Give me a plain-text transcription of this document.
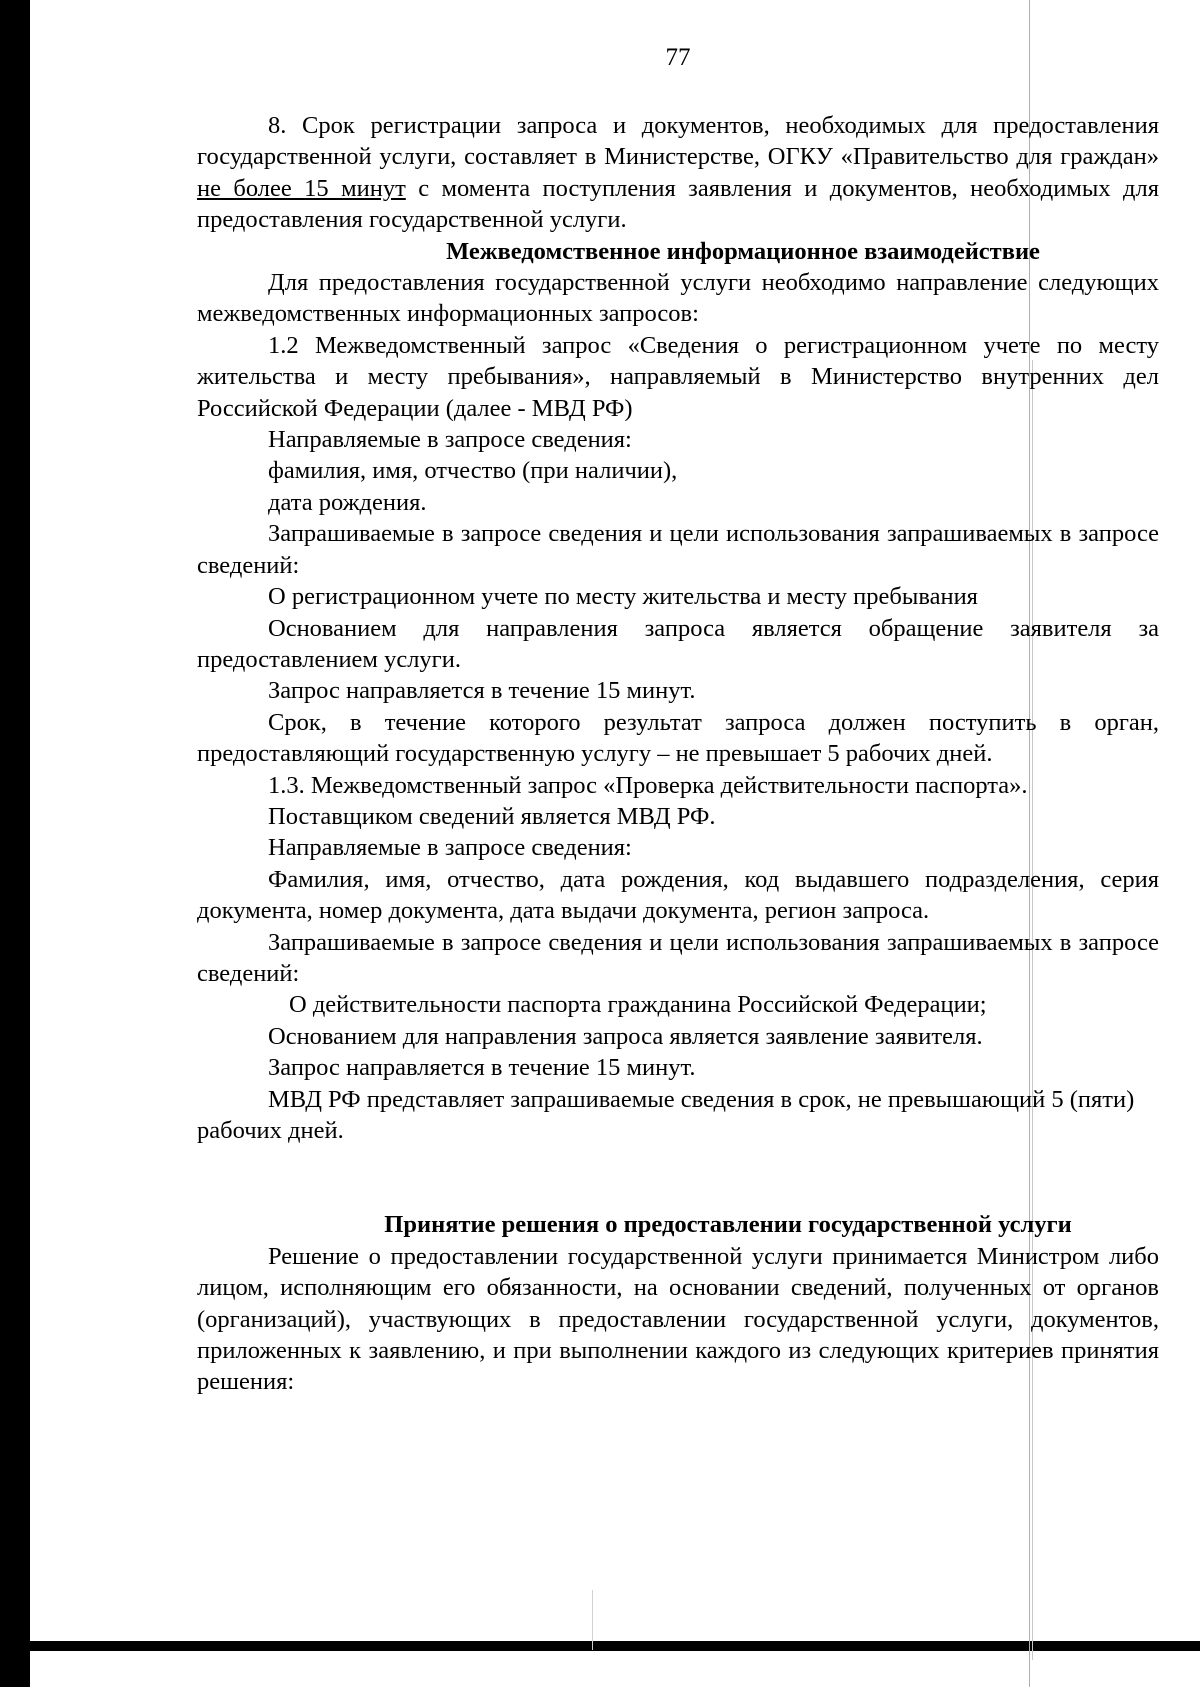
77

8. Срок регистрации запроса и документов, необходимых для предоставления государственной услуги, составляет в Министерстве, ОГКУ «Правительство для граждан» не более 15 минут с момента поступления заявления и документов, необходимых для предоставления государственной услуги.

Межведомственное информационное взаимодействие

Для предоставления государственной услуги необходимо направление следующих межведомственных информационных запросов:

1.2 Межведомственный запрос «Сведения о регистрационном учете по месту жительства и месту пребывания», направляемый в Министерство внутренних дел Российской Федерации (далее - МВД РФ)

Направляемые в запросе сведения:

фамилия, имя, отчество (при наличии),

дата рождения.

Запрашиваемые в запросе сведения и цели использования запрашиваемых в запросе сведений:

О регистрационном учете по месту жительства и месту пребывания

Основанием для направления запроса является обращение заявителя за предоставлением услуги.

Запрос направляется в течение 15 минут.

Срок, в течение которого результат запроса должен поступить в орган, предоставляющий государственную услугу – не превышает 5 рабочих дней.

1.3. Межведомственный запрос «Проверка действительности паспорта».

Поставщиком сведений является МВД РФ.

Направляемые в запросе сведения:

Фамилия, имя, отчество, дата рождения, код выдавшего подразделения, серия документа, номер документа, дата выдачи документа, регион запроса.

Запрашиваемые в запросе сведения и цели использования запрашиваемых в запросе сведений:

О действительности паспорта гражданина Российской Федерации;

Основанием для направления запроса является заявление заявителя.

Запрос направляется в течение 15 минут.

МВД РФ представляет запрашиваемые сведения в срок, не превышающий 5 (пяти) рабочих дней.

Принятие решения о предоставлении государственной услуги

Решение о предоставлении государственной услуги принимается Министром либо лицом, исполняющим его обязанности, на основании сведений, полученных от органов (организаций), участвующих в предоставлении государственной услуги, документов, приложенных к заявлению, и при выполнении каждого из следующих критериев принятия решения:
